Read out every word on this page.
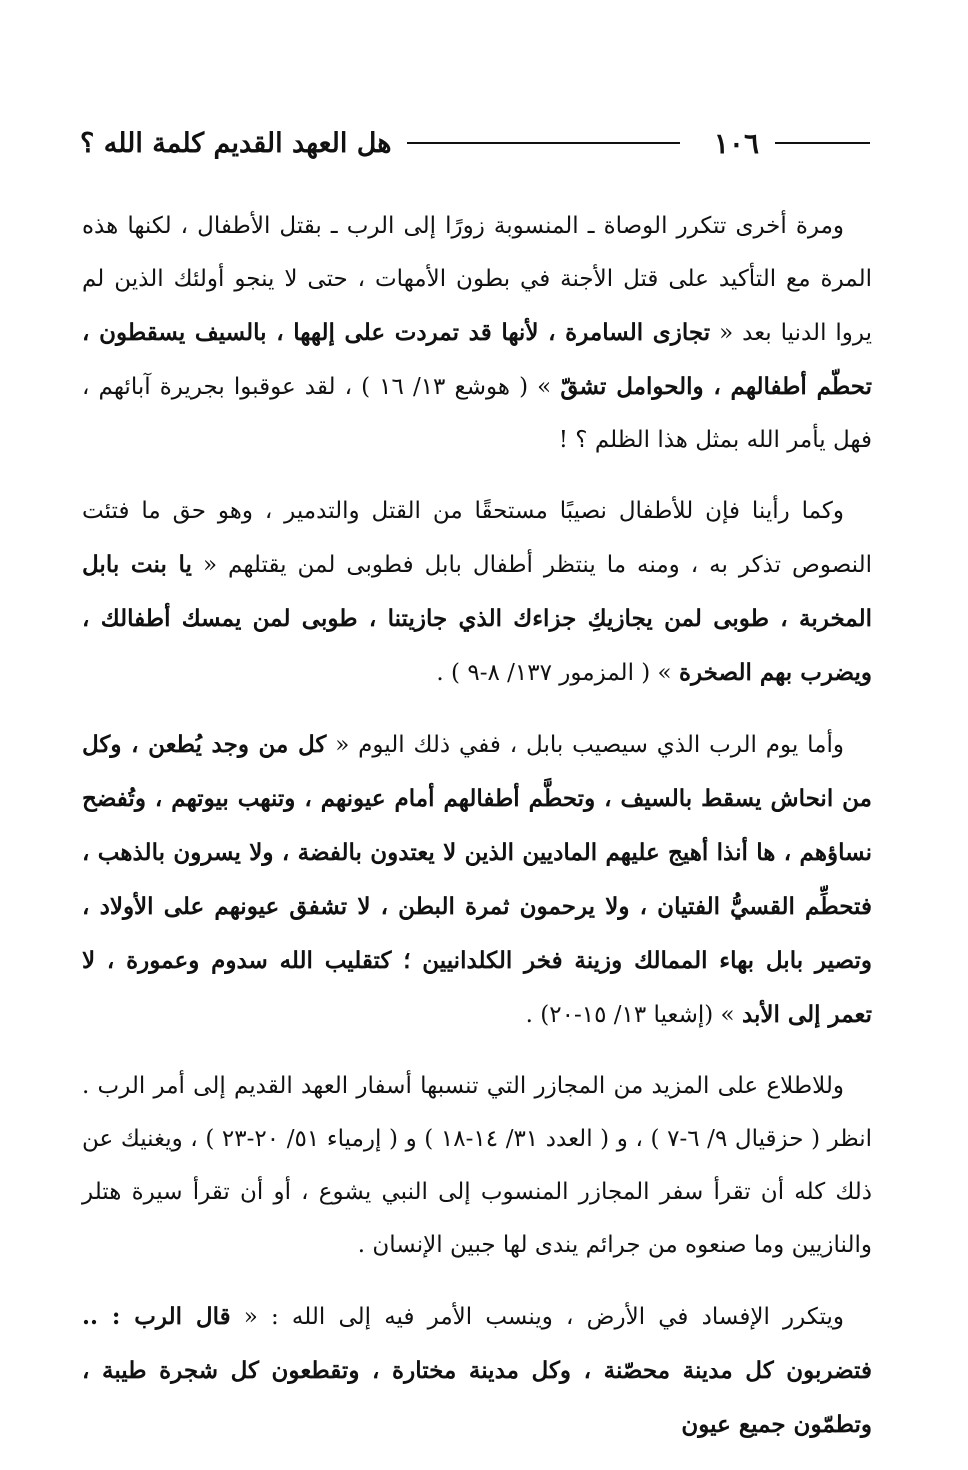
١٠٦
هل العهد القديم كلمة الله ؟

ومرة أخرى تتكرر الوصاة ـ المنسوبة زورًا إلى الرب ـ بقتل الأطفال ، لكنها هذه المرة مع التأكيد على قتل الأجنة في بطون الأمهات ، حتى لا ينجو أولئك الذين لم يروا الدنيا بعد « تجازى السامرة ، لأنها قد تمردت على إلهها ، بالسيف يسقطون ، تحطّم أطفالهم ، والحوامل تشقّ » ( هوشع ١٣/ ١٦ ) ، لقد عوقبوا بجريرة آبائهم ، فهل يأمر الله بمثل هذا الظلم ؟ !

وكما رأينا فإن للأطفال نصيبًا مستحقًا من القتل والتدمير ، وهو حق ما فتئت النصوص تذكر به ، ومنه ما ينتظر أطفال بابل فطوبى لمن يقتلهم « يا بنت بابل المخربة ، طوبى لمن يجازيكِ جزاءك الذي جازيتنا ، طوبى لمن يمسك أطفالك ، ويضرب بهم الصخرة » ( المزمور ١٣٧/ ٨-٩ ) .

وأما يوم الرب الذي سيصيب بابل ، ففي ذلك اليوم « كل من وجد يُطعن ، وكل من انحاش يسقط بالسيف ، وتحطَّم أطفالهم أمام عيونهم ، وتنهب بيوتهم ، وتُفضح نساؤهم ، ها أنذا أهيج عليهم الماديين الذين لا يعتدون بالفضة ، ولا يسرون بالذهب ، فتحطِّم القسيُّ الفتيان ، ولا يرحمون ثمرة البطن ، لا تشفق عيونهم على الأولاد ، وتصير بابل بهاء الممالك وزينة فخر الكلدانيين ؛ كتقليب الله سدوم وعمورة ، لا تعمر إلى الأبد » (إشعيا ١٣/ ١٥-٢٠) .

وللاطلاع على المزيد من المجازر التي تنسبها أسفار العهد القديم إلى أمر الرب . انظر ( حزقيال ٩/ ٦-٧ ) ، و ( العدد ٣١/ ١٤-١٨ ) و ( إرمياء ٥١/ ٢٠-٢٣ ) ، ويغنيك عن ذلك كله أن تقرأ سفر المجازر المنسوب إلى النبي يشوع ، أو أن تقرأ سيرة هتلر والنازيين وما صنعوه من جرائم يندى لها جبين الإنسان .

ويتكرر الإفساد في الأرض ، وينسب الأمر فيه إلى الله : « قال الرب : .. فتضربون كل مدينة محصّنة ، وكل مدينة مختارة ، وتقطعون كل شجرة طيبة ، وتطمّون جميع عيون
